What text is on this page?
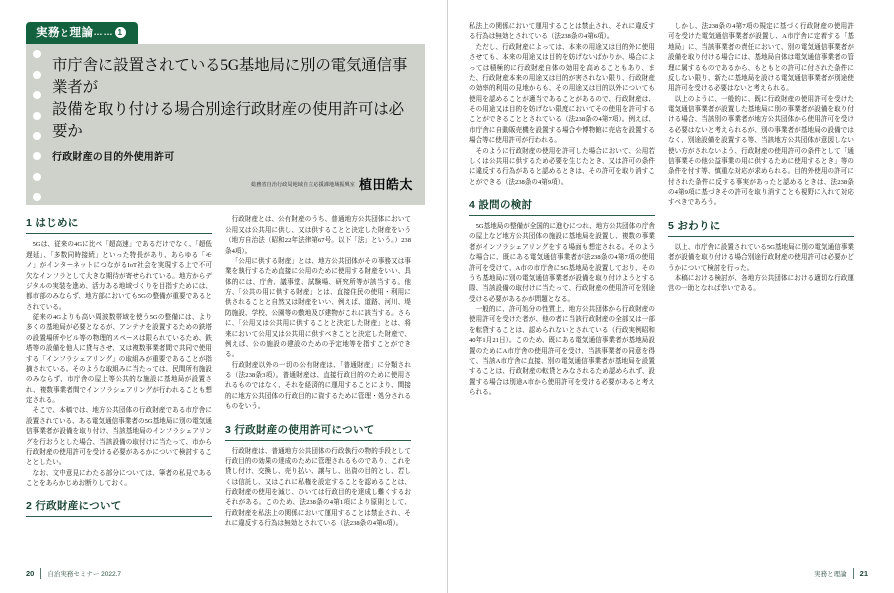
実務と理論…… 1
市庁舎に設置されている5G基地局に別の電気通信事業者が
設備を取り付ける場合別途行政財産の使用許可は必要か
行政財産の目的外使用許可
総務省自治行政局地域自立応援課地域振興室 植田皓太
1 はじめに

5Gは、従来の4Gに比べ「超高速」であるだけでなく、「超低遅延」、「多数同時接続」といった特長があり、あらゆる「モノ」がインターネットにつながるIoT社会を実現する上で不可欠なインフラとして大きな期待が寄せられている。地方からデジタルの実装を進め、活力ある地域づくりを目指すためには、都市部のみならず、地方部においても5Gの整備が重要であるとされている。

従来の4Gよりも高い周波数帯域を使う5Gの整備には、より多くの基地局が必要となるが、アンテナを設置するための鉄塔の設置場所やビル等の物理的スペースは限られているため、鉄塔等の設備を他人に貸与させ、又は複数事業者間で共同で使用する「インフラシェアリング」の取組みが重要であることが指摘されている。そのような取組みに当たっては、民間所有施設のみならず、市庁舎の屋上等公共的な施設に基地局が設置され、複数事業者間でインフラシェアリングが行われることも想定される。

そこで、本稿では、地方公共団体の行政財産である市庁舎に設置されている、ある電気通信事業者の5G基地局に別の電気通信事業者が設備を取り付け、当該基地局のインフラシェアリングを行おうとした場合、当該設備の取付けに当たって、市から行政財産の使用許可を受ける必要があるかについて検討することとしたい。

なお、文中意見にわたる部分については、筆者の私見であることをあらかじめお断りしておく。

2 行政財産について

行政財産とは、公有財産のうち、普通地方公共団体において公用又は公共用に供し、又は供することと決定した財産をいう（地方自治法（昭和22年法律第67号。以下「法」という。）238条4項）。

「公用に供する財産」とは、地方公共団体がその事務又は事業を執行するため直接に公用のために使用する財産をいい、具体的には、庁舎、議事堂、試験場、研究所等が該当する。他方、「公共の用に供する財産」とは、直接住民の使用・利用に供されることと自然又は財産をいい、例えば、道路、河川、堤防施設、学校、公園等の敷地及び建物がこれに該当する。さらに、「公用又は公共用に供することと決定した財産」とは、将来において公用又は公共用に供すべきことと決定した財産で、例えば、公の施設の建設のための予定地等を指すことができる。

行政財産以外の一切の公有財産は、「普通財産」に分類される（法238条3項）。普通財産は、直接行政目的のために使用されるものではなく、それを経済的に運用することにより、間接的に地方公共団体の行政目的に資するために管理・処分されるものをいう。

3 行政財産の使用許可について

行政財産は、普通地方公共団体の行政執行の物的手段として行政目的の効果の達成のために管理されるものであり、これを貸し付け、交換し、売り払い、譲与し、出資の目的とし、若しくは信託し、又はこれに私権を設定することを認めることは、行政財産の使用を減じ、ひいては行政目的を達成し難くするおそれがある。このため、法238条の4第1項により原則として、行政財産を私法上の関係において運用することは禁止され、それに違反する行為は無効とされている（法238条の4第6項）。

20 自治実務セミナー 2022.7

私法上の関係において運用することは禁止され、それに違反する行為は無効とされている（法238条の4第6項）。

ただし、行政財産によっては、本来の用途又は目的外に使用させても、本来の用途又は目的を妨げないばかりか、場合によっては積極的に行政財産自体の効用を高めることもあり、また、行政財産本来の用途又は目的が害されない限り、行政財産の効率的利用の見地からも、その用途又は目的以外についても使用を認めることが適当であることがあるので、行政財産は、その用途又は目的を妨げない限度においてその使用を許可することができることとされている（法238条の4第7項）。例えば、市庁舎に自動販売機を設置する場合や博物館に売店を設置する場合等に使用許可が行われる。

そのように行政財産の使用を許可した場合において、公用若しくは公共用に供するため必要を生じたとき、又は許可の条件に違反する行為があると認めるときは、その許可を取り消すことができる（法238条の4第9項）。

4 設問の検討

5G基地局の整備が全国的に進むにつれ、地方公共団体の庁舎の屋上など地方公共団体の施設に基地局を設置し、複数の事業者がインフラシェアリングをする場面も想定される。そのような場合に、既にある電気通信事業者が法238条の4第7項の使用許可を受けて、A市の市庁舎に5G基地局を設置しており、そのうち基地局に別の電気通信事業者が設備を取り付けようとする際、当該設備の取付けに当たって、行政財産の使用許可を別途受ける必要があるかが問題となる。

一般的に、許可処分の性質上、地方公共団体から行政財産の使用許可を受けた者が、他の者に当該行政財産の全部又は一部を転貸することは、認められないとされている（行政実例昭和40年1月21日）。このため、既にある電気通信事業者が基地局設置のためにA市庁舎の使用許可を受け、当該事業者の同意を得て、当該A市庁舎に直接、別の電気通信事業者が基地局を設置することは、行政財産の転貸とみなされるため認められず、設置する場合は別途A市から使用許可を受ける必要があると考えられる。

しかし、法238条の4第7項の規定に基づく行政財産の使用許可を受けた電気通信事業者が設置し、A市庁舎に定着する「基地局」に、当該事業者の責任において、別の電気通信事業者が設備を取り付ける場合には、基地局自体は電気通信事業者の管理に属するものであるから、もともとの許可に付された条件に反しない限り、新たに基地局を設ける電気通信事業者が別途使用許可を受ける必要はないと考えられる。

以上のように、一般的に、既に行政財産の使用許可を受けた電気通信事業者が設置した基地局に別の事業者が設備を取り付ける場合、当該別の事業者が地方公共団体から使用許可を受ける必要はないと考えられるが、別の事業者が基地局の設備ではなく、別途設備を設置する等、当該地方公共団体が意図しない使い方がされないよう、行政財産の使用許可の条件として「通信事業その他公益事業の用に供するために使用するとき」等の条件を付す等、慎重な対応が求められる。目的外使用の許可に付された条件に反する事実があったと認めるときは、法238条の4第9項に基づきその許可を取り消すことも視野に入れて対応すべきであろう。

5 おわりに

以上、市庁舎に設置されている5G基地局に別の電気通信事業者が設備を取り付ける場合別途行政財産の使用許可は必要かどうかについて検討を行った。

本稿における検討が、各地方公共団体における適切な行政運営の一助となれば幸いである。

実務と理論 21
